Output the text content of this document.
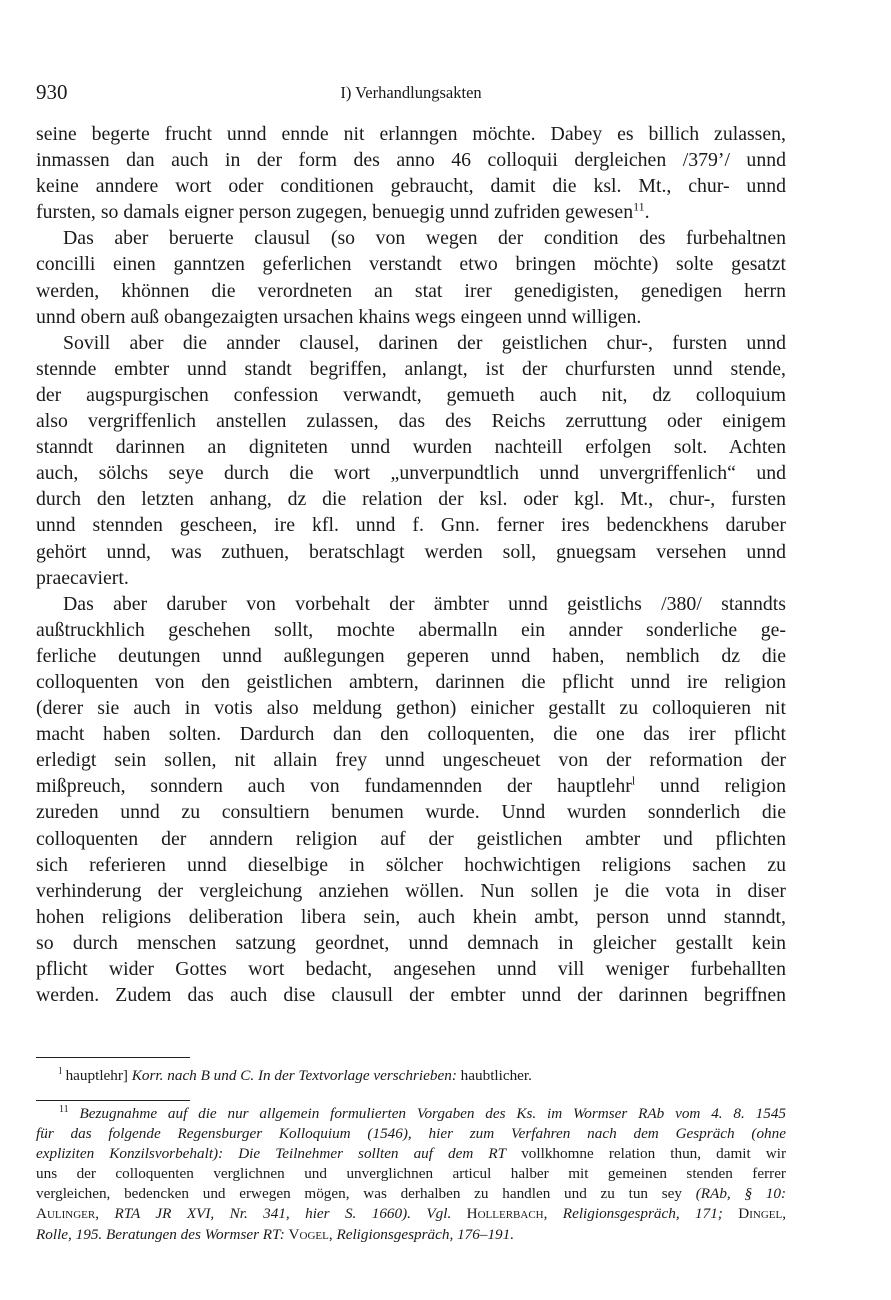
930	I) Verhandlungsakten
seine begerte frucht unnd ennde nit erlanngen möchte. Dabey es billich zulassen,
inmassen dan auch in der form des anno 46 colloquii dergleichen /379’/ unnd
keine anndere wort oder conditionen gebraucht, damit die ksl. Mt., chur- unnd
fursten, so damals eigner person zugegen, benuegig unnd zufriden gewesen$^{11}$.
Das aber beruerte clausul (so von wegen der condition des furbehaltnen
concilli einen ganntzen geferlichen verstandt etwo bringen möchte) solte gesatzt
werden, khönnen die verordneten an stat irer genedigisten, genedigen herrn
unnd obern auß obangezaigten ursachen khains wegs eingeen unnd willigen.
Sovill aber die annder clausel, darinen der geistlichen chur-, fursten unnd
stennde embter unnd standt begriffen, anlangt, ist der churfursten unnd stende,
der augspurgischen confession verwandt, gemueth auch nit, dz colloquium
also vergriffenlich anstellen zulassen, das des Reichs zerruttung oder einigem
stanndt darinnen an digniteten unnd wurden nachteill erfolgen solt. Achten
auch, sölchs seye durch die wort „unverpundtlich unnd unvergriffenlich“ und
durch den letzten anhang, dz die relation der ksl. oder kgl. Mt., chur-, fursten
unnd stennden gescheen, ire kfl. unnd f. Gnn. ferner ires bedenckhens daruber
gehört unnd, was zuthuen, beratschlagt werden soll, gnuegsam versehen unnd
praecaviert.
Das aber daruber von vorbehalt der ämbter unnd geistlichs /380/ stanndts
außtruckhlich geschehen sollt, mochte abermalln ein annder sonderliche ge-
ferliche deutungen unnd außlegungen geperen unnd haben, nemblich dz die
colloquenten von den geistlichen ambtern, darinnen die pflicht unnd ire religion
(derer sie auch in votis also meldung gethon) einicher gestallt zu colloquieren nit
macht haben solten. Dardurch dan den colloquenten, die one das irer pflicht
erledigt sein sollen, nit allain frey unnd ungescheuet von der reformation der
mißpreuch, sonndern auch von fundamennden der hauptlehr$^l$ unnd religion
zureden unnd zu consultiern benumen wurde. Unnd wurden sonnderlich die
colloquenten der anndern religion auf der geistlichen ambter und pflichten
sich referieren unnd dieselbige in sölcher hochwichtigen religions sachen zu
verhinderung der vergleichung anziehen wöllen. Nun sollen je die vota in diser
hohen religions deliberation libera sein, auch khein ambt, person unnd stanndt,
so durch menschen satzung geordnet, unnd demnach in gleicher gestallt kein
pflicht wider Gottes wort bedacht, angesehen unnd vill weniger furbehallten
werden. Zudem das auch dise clausull der embter unnd der darinnen begriffnen
$^l$ hauptlehr] Korr. nach B und C. In der Textvorlage verschrieben: haubtlicher.
$^{11}$ Bezugnahme auf die nur allgemein formulierten Vorgaben des Ks. im Wormser RAb vom 4. 8. 1545
für das folgende Regensburger Kolloquium (1546), hier zum Verfahren nach dem Gespräch (ohne
expliziten Konzilsvorbehalt): Die Teilnehmer sollten auf dem RT vollkhomne relation thun, damit wir
uns der colloquenten verglichnen und unverglichnen articul halber mit gemeinen stenden ferrer
vergleichen, bedencken und erwegen mögen, was derhalben zu handlen und zu tun sey (RAb, § 10:
Aulinger, RTA JR XVI, Nr. 341, hier S. 1660). Vgl. Hollerbach, Religionsgespräch, 171; Dingel,
Rolle, 195. Beratungen des Wormser RT: Vogel, Religionsgespräch, 176–191.
